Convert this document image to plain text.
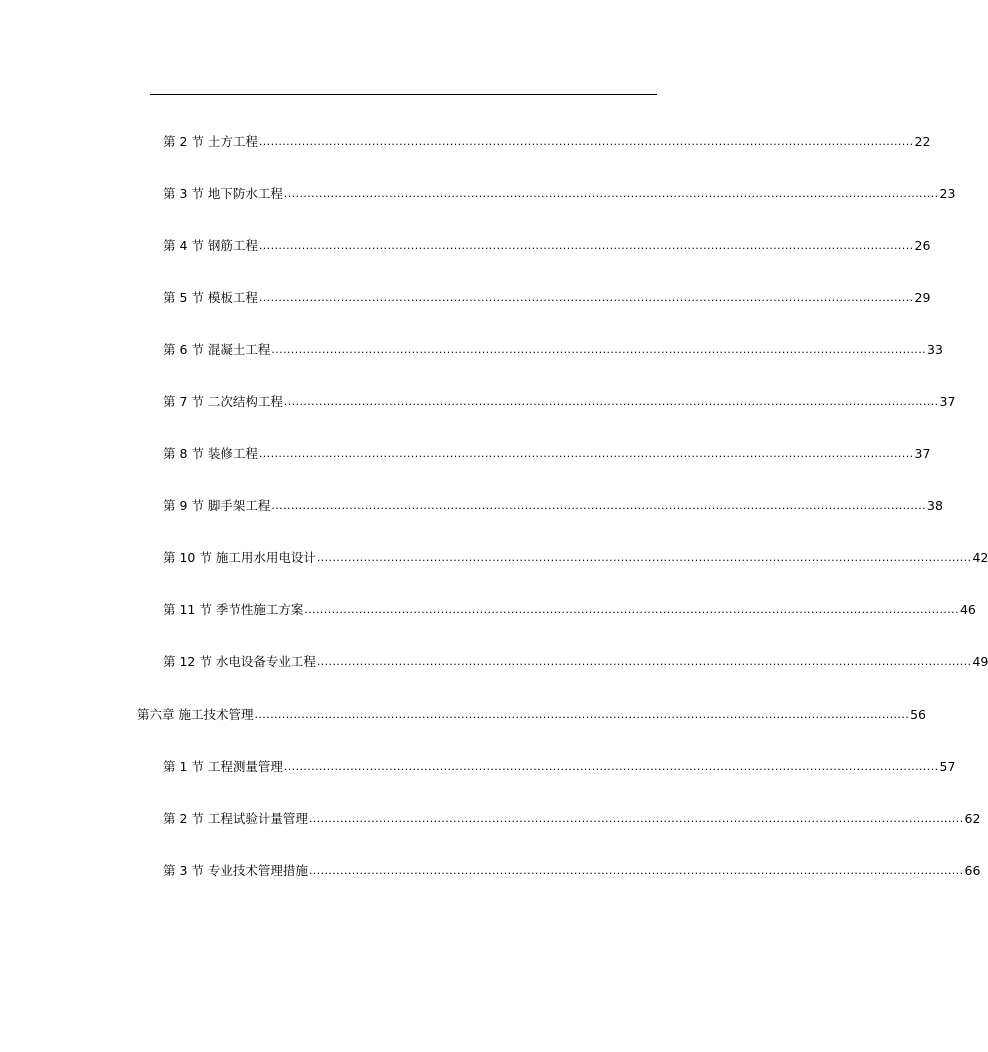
第 2 节 土方工程 ........................................................................................................................................................................ 22
第 3 节 地下防水工程 ........................................................................................................................................................................ 23
第 4 节 钢筋工程 ........................................................................................................................................................................ 26
第 5 节 模板工程 ........................................................................................................................................................................ 29
第 6 节 混凝土工程 ........................................................................................................................................................................ 33
第 7 节 二次结构工程 ........................................................................................................................................................................ 37
第 8 节 装修工程 ........................................................................................................................................................................ 37
第 9 节 脚手架工程 ........................................................................................................................................................................ 38
第 10 节 施工用水用电设计 ........................................................................................................................................................................ 42
第 11 节 季节性施工方案 ........................................................................................................................................................................ 46
第 12 节 水电设备专业工程 ........................................................................................................................................................................ 49
第六章 施工技术管理 ........................................................................................................................................................................ 56
第 1 节 工程测量管理 ........................................................................................................................................................................ 57
第 2 节 工程试验计量管理 ........................................................................................................................................................................ 62
第 3 节 专业技术管理措施 ........................................................................................................................................................................ 66
